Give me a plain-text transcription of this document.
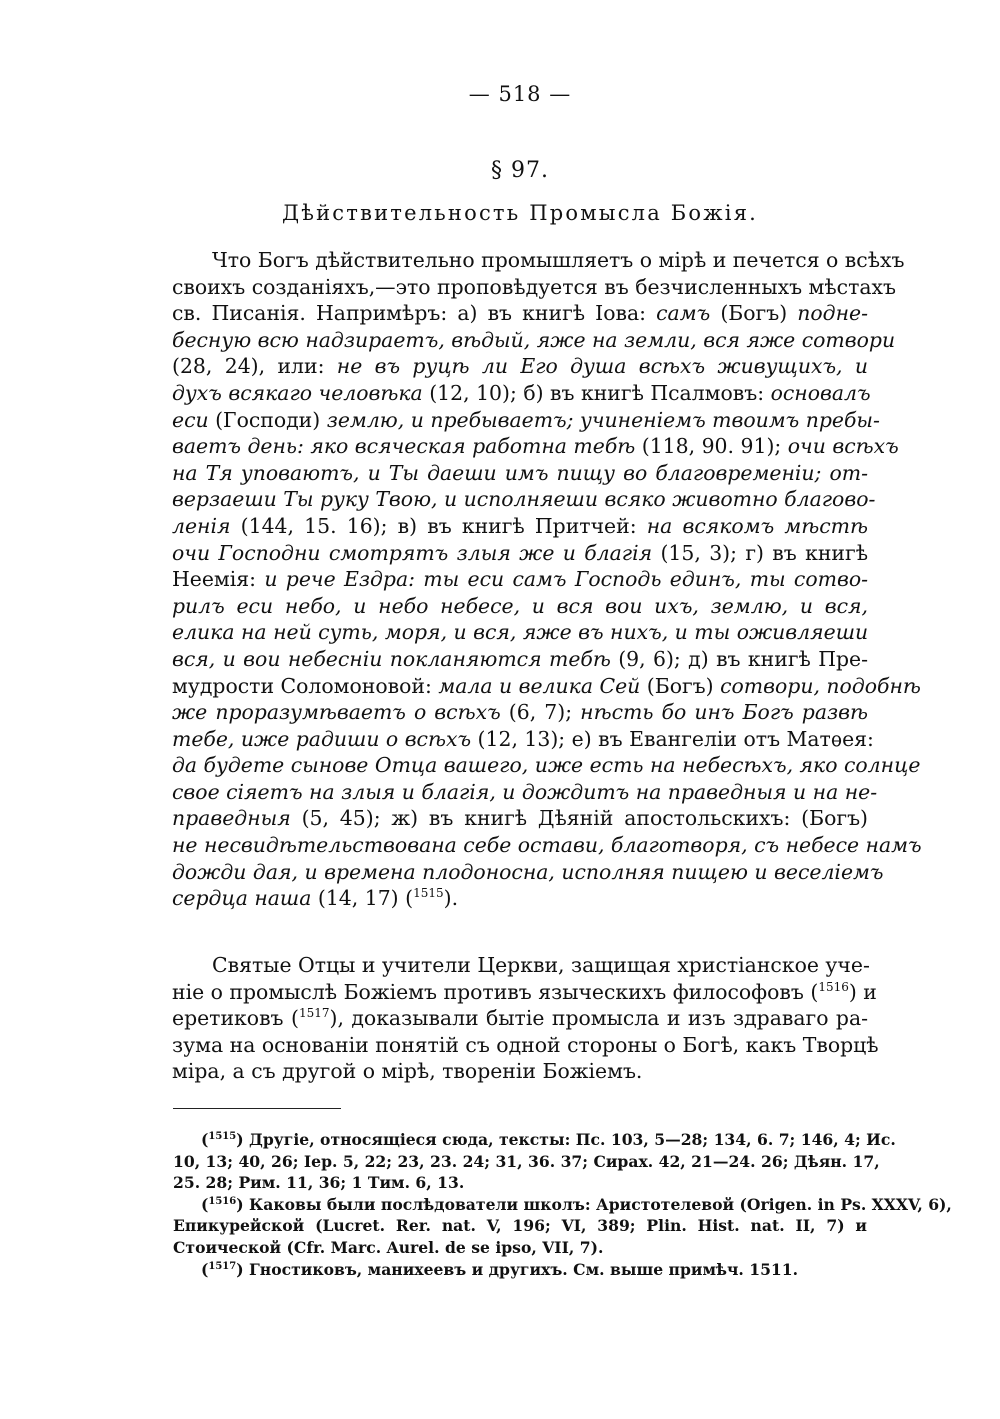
— 518 —
§ 97.
Дѣйствительность Промысла Божія.
Что Богъ дѣйствительно промышляетъ о мірѣ и печется о всѣхъ
своихъ созданіяхъ,—это проповѣдуется въ безчисленныхъ мѣстахъ
св. Писанія. Напримѣръ: а) въ книгѣ Іова: самъ (Богъ) подне-
бесную всю надзираетъ, вѣдый, яже на земли, вся яже сотвори
(28, 24), или: не въ руцѣ ли Его душа всѣхъ живущихъ, и
духъ всякаго человѣка (12, 10); б) въ книгѣ Псалмовъ: основалъ
еси (Господи) землю, и пребываетъ; учиненіемъ твоимъ пребы-
ваетъ день: яко всяческая работна тебѣ (118, 90. 91); очи всѣхъ
на Тя уповаютъ, и Ты даеши имъ пищу во благовременіи; от-
верзаеши Ты руку Твою, и исполняеши всяко животно благово-
ленія (144, 15. 16); в) въ книгѣ Притчей: на всякомъ мѣстѣ
очи Господни смотрятъ злыя же и благія (15, 3); г) въ книгѣ
Неемія: и рече Ездра: ты еси самъ Господь единъ, ты сотво-
рилъ еси небо, и небо небесе, и вся вои ихъ, землю, и вся,
елика на ней суть, моря, и вся, яже въ нихъ, и ты оживляеши
вся, и вои небесніи покланяются тебѣ (9, 6); д) въ книгѣ Пре-
мудрости Соломоновой: мала и велика Сей (Богъ) сотвори, подобнѣ
же проразумѣваетъ о всѣхъ (6, 7); нѣсть бо инъ Богъ развѣ
тебе, иже радиши о всѣхъ (12, 13); е) въ Евангеліи отъ Матѳея:
да будете сынове Отца вашего, иже есть на небесѣхъ, яко солнце
свое сіяетъ на злыя и благія, и дождитъ на праведныя и на не-
праведныя (5, 45); ж) въ книгѣ Дѣяній апостольскихъ: (Богъ)
не несвидѣтельствована себе остави, благотворя, съ небесе намъ
дожди дая, и времена плодоносна, исполняя пищею и веселіемъ
сердца наша (14, 17) ($^{1515}$).
Святые Отцы и учители Церкви, защищая христіанское уче-
ніе о промыслѣ Божіемъ противъ языческихъ философовъ ($^{1516}$) и
еретиковъ ($^{1517}$), доказывали бытіе промысла и изъ здраваго ра-
зума на основаніи понятій съ одной стороны о Богѣ, какъ Творцѣ
міра, а съ другой о мірѣ, твореніи Божіемъ.
($^{1515}$) Другіе, относящіеся сюда, тексты: Пс. 103, 5—28; 134, 6. 7; 146, 4; Ис.
10, 13; 40, 26; Іер. 5, 22; 23, 23. 24; 31, 36. 37; Сирах. 42, 21—24. 26; Дѣян. 17,
25. 28; Рим. 11, 36; 1 Тим. 6, 13.
($^{1516}$) Каковы были послѣдователи школъ: Аристотелевой (Origen. in Ps. XXXV, 6),
Епикурейской (Lucret. Rer. nat. V, 196; VI, 389; Plin. Hist. nat. II, 7) и
Стоической (Cfr. Marc. Aurel. de se ipso, VII, 7).
($^{1517}$) Гностиковъ, манихеевъ и другихъ. См. выше примѣч. 1511.
